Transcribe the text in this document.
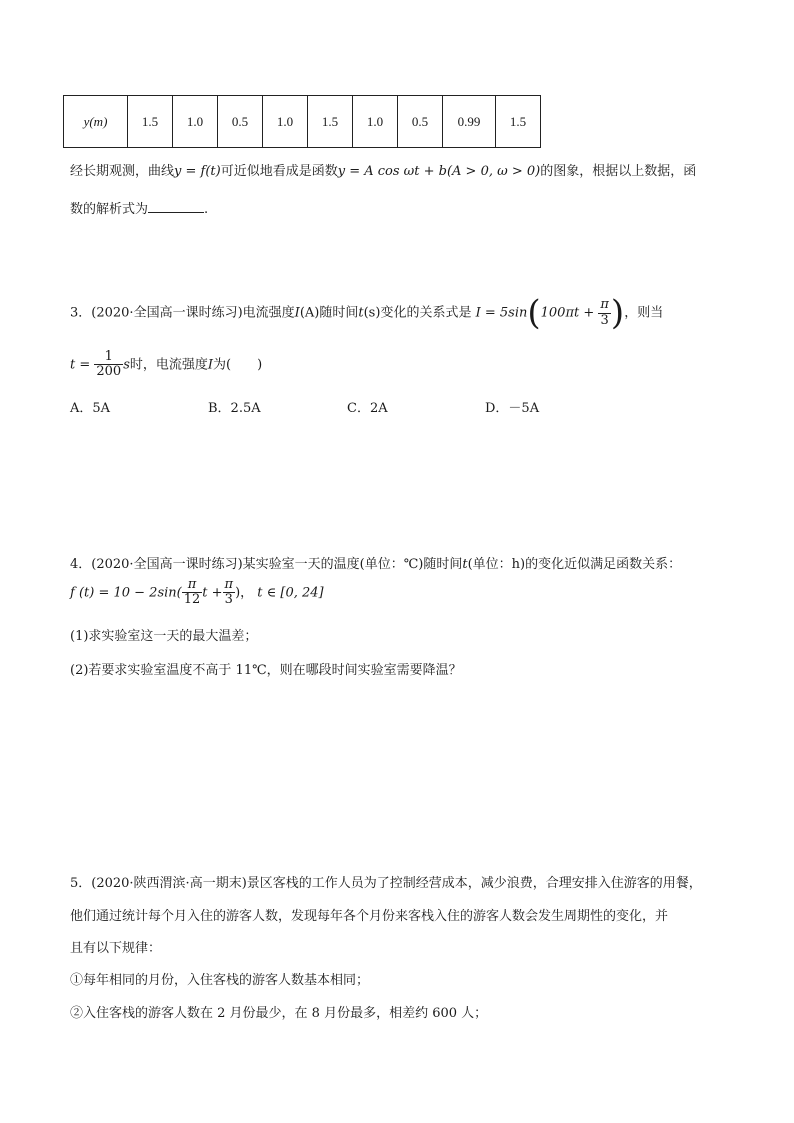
y(m)	1.5	1.0	0.5	1.0	1.5	1.0	0.5	0.99	1.5
经长期观测，曲线y = f(t)可近似地看成是函数y = A cos ωt + b(A > 0, ω > 0)的图象，根据以上数据，函
数的解析式为	.
3．(2020·全国高一课时练习)电流强度I(A)随时间t(s)变化的关系式是 $I = 5\sin(100\pi t + \frac{\pi}{3}$ )，则当
$t = \frac{1}{200}$ s时，电流强度I为(　　)
A．5A	B．2.5A	C．2A	D．－5A
4．(2020·全国高一课时练习)某实验室一天的温度(单位：℃)随时间t(单位：h)的变化近似满足函数关系：
f $(t) = 10 - 2\sin( \frac{\pi}{12}$ $t + \frac{\pi}{3}$ )， t ∈ [0, 24]
(1)求实验室这一天的最大温差；
(2)若要求实验室温度不高于 11℃，则在哪段时间实验室需要降温？
5．(2020·陕西渭滨·高一期末)景区客栈的工作人员为了控制经营成本，减少浪费，合理安排入住游客的用餐，
他们通过统计每个月入住的游客人数，发现每年各个月份来客栈入住的游客人数会发生周期性的变化，并
且有以下规律：
①每年相同的月份，入住客栈的游客人数基本相同；
②入住客栈的游客人数在 2 月份最少，在 8 月份最多，相差约 600 人；
